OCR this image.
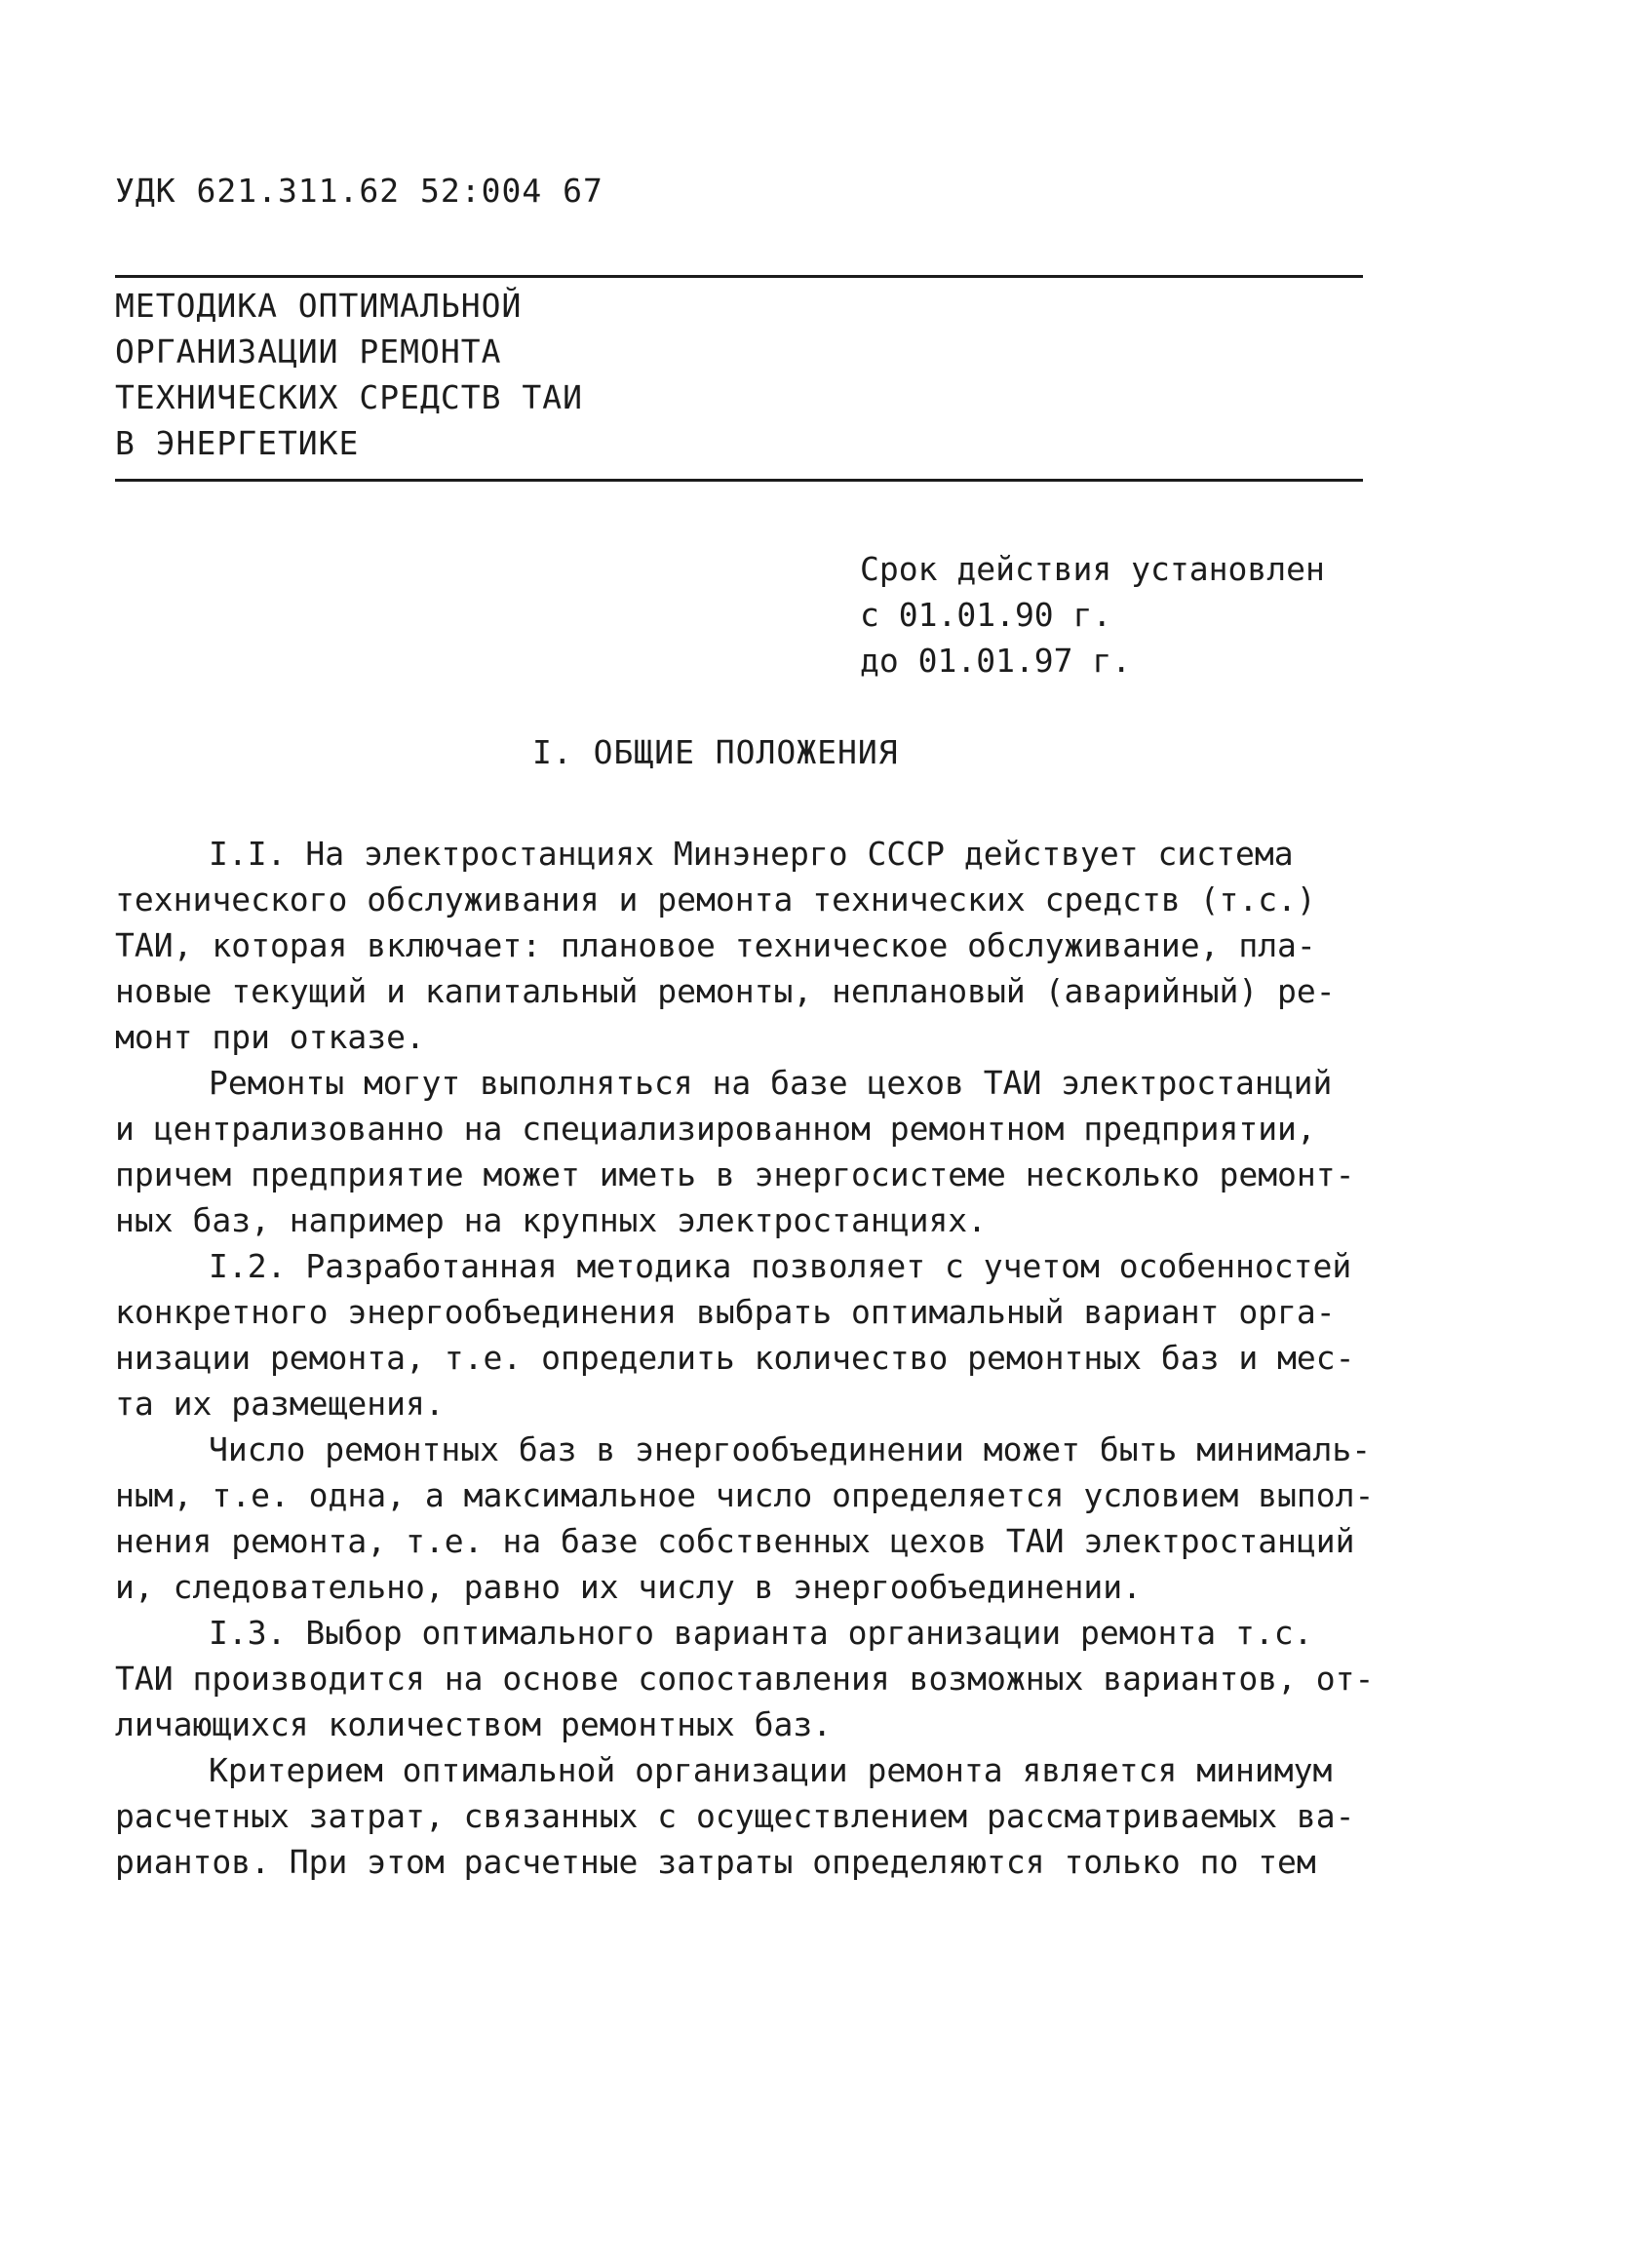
УДК 621.311.62 52:004 67
МЕТОДИКА ОПТИМАЛЬНОЙ
ОРГАНИЗАЦИИ РЕМОНТА
ТЕХНИЧЕСКИХ СРЕДСТВ ТАИ
В ЭНЕРГЕТИКЕ
Срок действия установлен
с 01.01.90 г.
до 01.01.97 г.
I. ОБЩИЕ ПОЛОЖЕНИЯ
I.I. На электростанциях Минэнерго СССР действует система
технического обслуживания и ремонта технических средств (т.с.)
ТАИ, которая включает: плановое техническое обслуживание, пла-
новые текущий и капитальный ремонты, неплановый (аварийный) ре-
монт при отказе.
Ремонты могут выполняться на базе цехов ТАИ электростанций
и централизованно на специализированном ремонтном предприятии,
причем предприятие может иметь в энергосистеме несколько ремонт-
ных баз, например на крупных электростанциях.
I.2. Разработанная методика позволяет с учетом особенностей
конкретного энергообъединения выбрать оптимальный вариант орга-
низации ремонта, т.е. определить количество ремонтных баз и мес-
та их размещения.
Число ремонтных баз в энергообъединении может быть минималь-
ным, т.е. одна, а максимальное число определяется условием выпол-
нения ремонта, т.е. на базе собственных цехов ТАИ электростанций
и, следовательно, равно их числу в энергообъединении.
I.3. Выбор оптимального варианта организации ремонта т.с.
ТАИ производится на основе сопоставления возможных вариантов, от-
личающихся количеством ремонтных баз.
Критерием оптимальной организации ремонта является минимум
расчетных затрат, связанных с осуществлением рассматриваемых ва-
риантов. При этом расчетные затраты определяются только по тем
